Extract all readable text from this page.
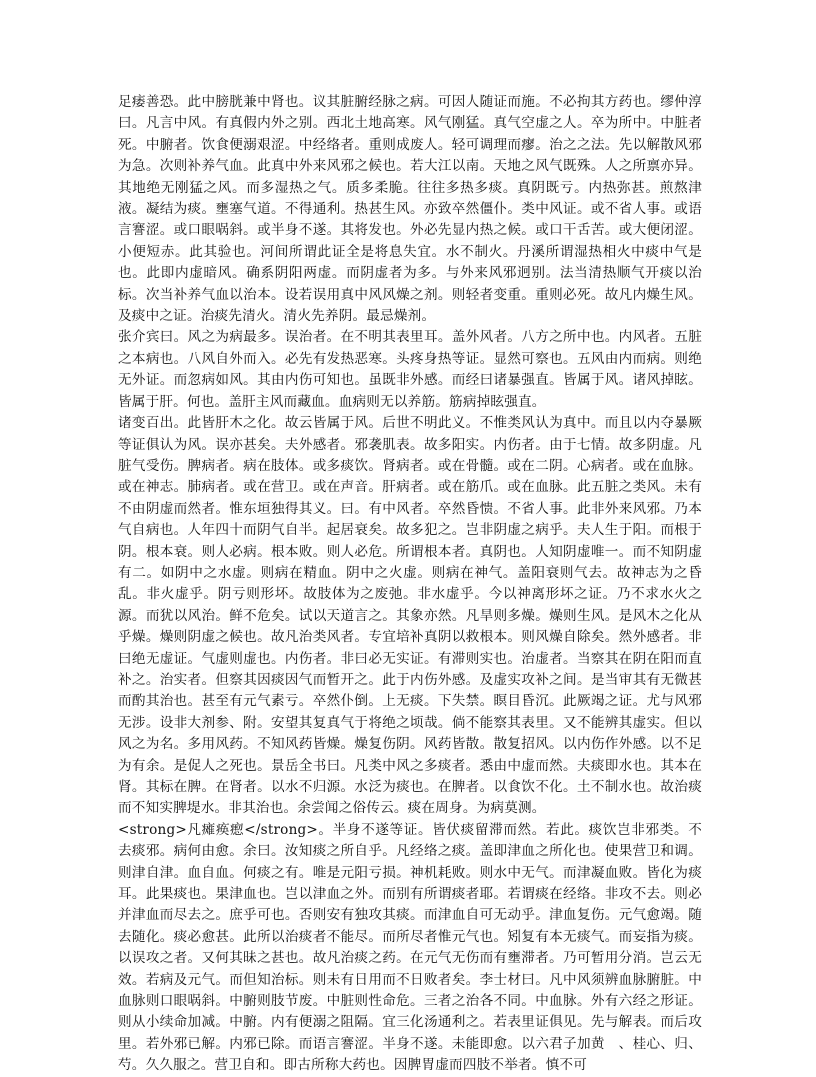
足痿善恐。此中膀胱兼中肾也。议其脏腑经脉之病。可因人随证而施。不必拘其方药也。缪仲淳曰。凡言中风。有真假内外之别。西北土地高寒。风气刚猛。真气空虚之人。卒为所中。中脏者死。中腑者。饮食便溺艰涩。中经络者。重则成废人。轻可调理而瘳。治之之法。先以解散风邪为急。次则补养气血。此真中外来风邪之候也。若大江以南。天地之风气既殊。人之所禀亦异。其地绝无刚猛之风。而多湿热之气。质多柔脆。往往多热多痰。真阴既亏。内热弥甚。煎熬津液。凝结为痰。壅塞气道。不得通利。热甚生风。亦致卒然僵仆。类中风证。或不省人事。或语言謇涩。或口眼㖞斜。或半身不遂。其将发也。外必先显内热之候。或口干舌苦。或大便闭涩。小便短赤。此其验也。河间所谓此证全是将息失宜。水不制火。丹溪所谓湿热相火中痰中气是也。此即内虚暗风。确系阴阳两虚。而阴虚者为多。与外来风邪迥别。法当清热顺气开痰以治标。次当补养气血以治本。设若误用真中风风燥之剂。则轻者变重。重则必死。故凡内燥生风。及痰中之证。治痰先清火。清火先养阴。最忌燥剂。

张介宾曰。风之为病最多。误治者。在不明其表里耳。盖外风者。八方之所中也。内风者。五脏之本病也。八风自外而入。必先有发热恶寒。头疼身热等证。显然可察也。五风由内而病。则绝无外证。而忽病如风。其由内伤可知也。虽既非外感。而经曰诸暴强直。皆属于风。诸风掉眩。皆属于肝。何也。盖肝主风而藏血。血病则无以养筋。筋病掉眩强直。

诸变百出。此皆肝木之化。故云皆属于风。后世不明此义。不惟类风认为真中。而且以内夺暴厥等证俱认为风。误亦甚矣。夫外感者。邪袭肌表。故多阳实。内伤者。由于七情。故多阴虚。凡脏气受伤。脾病者。病在肢体。或多痰饮。肾病者。或在骨髓。或在二阴。心病者。或在血脉。或在神志。肺病者。或在营卫。或在声音。肝病者。或在筋爪。或在血脉。此五脏之类风。未有不由阴虚而然者。惟东垣独得其义。曰。有中风者。卒然昏愦。不省人事。此非外来风邪。乃本气自病也。人年四十而阴气自半。起居衰矣。故多犯之。岂非阴虚之病乎。夫人生于阳。而根于阴。根本衰。则人必病。根本败。则人必危。所谓根本者。真阴也。人知阴虚唯一。而不知阴虚有二。如阴中之水虚。则病在精血。阴中之火虚。则病在神气。盖阳衰则气去。故神志为之昏乱。非火虚乎。阴亏则形坏。故肢体为之废弛。非水虚乎。今以神离形坏之证。乃不求水火之源。而犹以风治。鲜不危矣。试以天道言之。其象亦然。凡旱则多燥。燥则生风。是风木之化从乎燥。燥则阴虚之候也。故凡治类风者。专宜培补真阴以救根本。则风燥自除矣。然外感者。非曰绝无虚证。气虚则虚也。内伤者。非曰必无实证。有滞则实也。治虚者。当察其在阴在阳而直补之。治实者。但察其因痰因气而暂开之。此于内伤外感。及虚实攻补之间。是当审其有无微甚而酌其治也。甚至有元气素亏。卒然仆倒。上无痰。下失禁。瞑目昏沉。此厥竭之证。尤与风邪无涉。设非大剂参、附。安望其复真气于将绝之顷哉。倘不能察其表里。又不能辨其虚实。但以风之为名。多用风药。不知风药皆燥。燥复伤阴。风药皆散。散复招风。以内伤作外感。以不足为有余。是促人之死也。景岳全书曰。凡类中风之多痰者。悉由中虚而然。夫痰即水也。其本在肾。其标在脾。在肾者。以水不归源。水泛为痰也。在脾者。以食饮不化。土不制水也。故治痰而不知实脾堤水。非其治也。余尝闻之俗传云。痰在周身。为病莫测。

<strong>凡瘫痪瘛</strong>。半身不遂等证。皆伏痰留滞而然。若此。痰饮岂非邪类。不去痰邪。病何由愈。余曰。汝知痰之所自乎。凡经络之痰。盖即津血之所化也。使果营卫和调。则津自津。血自血。何痰之有。唯是元阳亏损。神机耗败。则水中无气。而津凝血败。皆化为痰耳。此果痰也。果津血也。岂以津血之外。而别有所谓痰者耶。若谓痰在经络。非攻不去。则必并津血而尽去之。庶乎可也。否则安有独攻其痰。而津血自可无动乎。津血复伤。元气愈竭。随去随化。痰必愈甚。此所以治痰者不能尽。而所尽者惟元气也。矧复有本无痰气。而妄指为痰。以误攻之者。又何其昧之甚也。故凡治痰之药。在元气无伤而有壅滞者。乃可暂用分消。岂云无效。若病及元气。而但知治标。则未有日用而不日败者矣。李士材曰。凡中风须辨血脉腑脏。中血脉则口眼㖞斜。中腑则肢节废。中脏则性命危。三者之治各不同。中血脉。外有六经之形证。则从小续命加减。中腑。内有便溺之阻隔。宜三化汤通利之。若表里证俱见。先与解表。而后攻里。若外邪已解。内邪已除。而语言謇涩。半身不遂。未能即愈。以六君子加黄　、桂心、归、芍。久久服之。营卫自和。即古所称大药也。因脾胃虚而四肢不举者。慎不可
